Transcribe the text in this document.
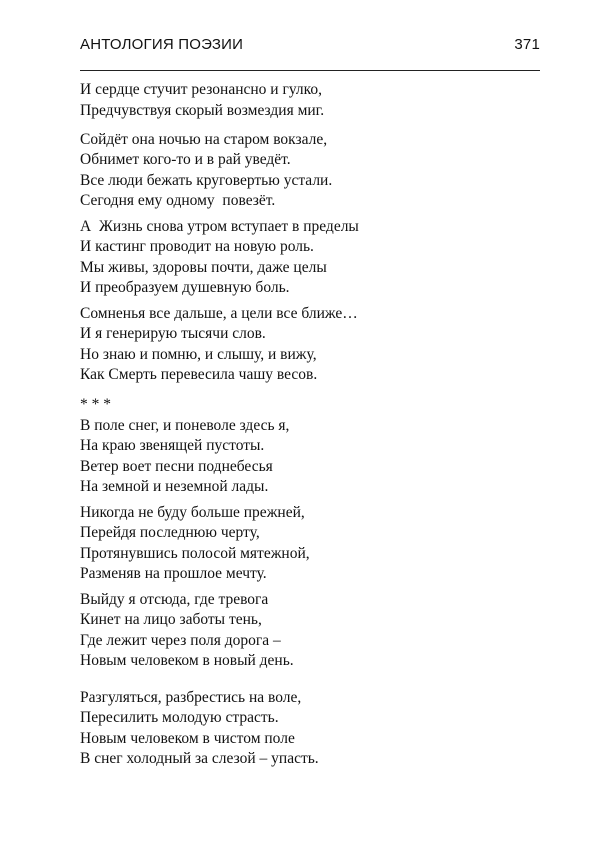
АНТОЛОГИЯ ПОЭЗИИ	371
И сердце стучит резонансно и гулко,
Предчувствуя скорый возмездия миг.
Сойдёт она ночью на старом вокзале,
Обнимет кого-то и в рай уведёт.
Все люди бежать круговертью устали.
Сегодня ему одному  повезёт.
А  Жизнь снова утром вступает в пределы
И кастинг проводит на новую роль.
Мы живы, здоровы почти, даже целы
И преобразуем душевную боль.
Сомненья все дальше, а цели все ближе…
И я генерирую тысячи слов.
Но знаю и помню, и слышу, и вижу,
Как Смерть перевесила чашу весов.
* * *
В поле снег, и поневоле здесь я,
На краю звенящей пустоты.
Ветер воет песни поднебесья
На земной и неземной лады.
Никогда не буду больше прежней,
Перейдя последнюю черту,
Протянувшись полосой мятежной,
Разменяв на прошлое мечту.
Выйду я отсюда, где тревога
Кинет на лицо заботы тень,
Где лежит через поля дорога –
Новым человеком в новый день.
Разгуляться, разбрестись на воле,
Пересилить молодую страсть.
Новым человеком в чистом поле
В снег холодный за слезой – упасть.
